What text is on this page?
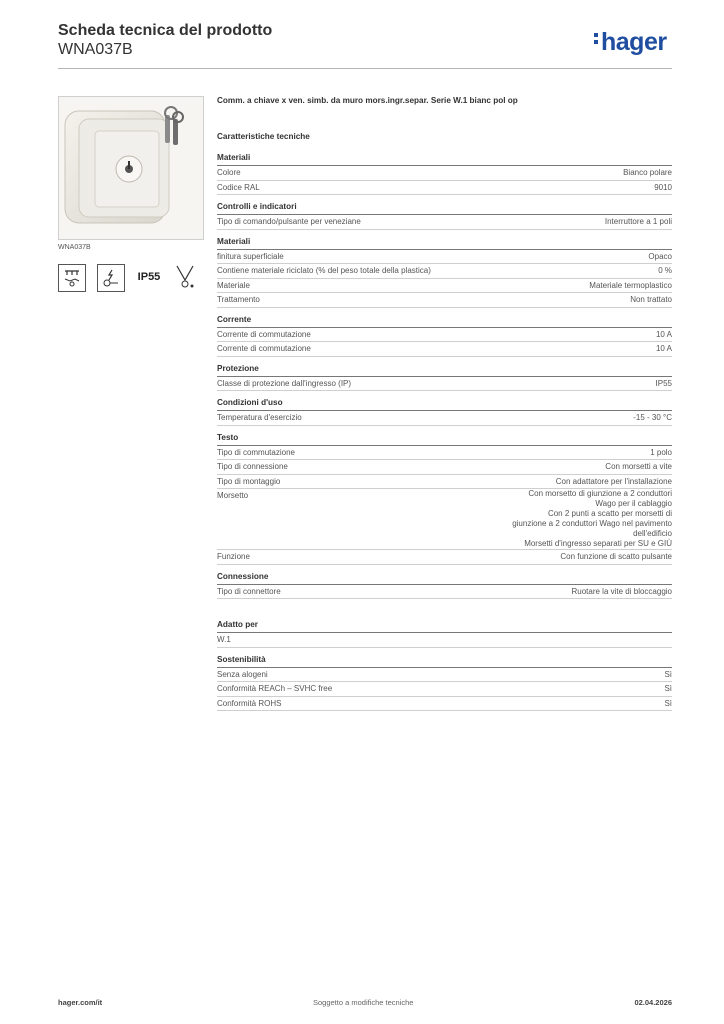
Scheda tecnica del prodotto

WNA037B	hager
WNA037B
IP55

Comm. a chiave x ven. simb. da muro mors.ingr.separ. Serie W.1 bianc pol op

Caratteristiche tecniche
Materiali
Colore	Bianco polare
Codice RAL	9010
Controlli e indicatori
Tipo di comando/pulsante per veneziane	Interruttore a 1 poli
Materiali
finitura superficiale	Opaco
Contiene materiale riciclato (% del peso totale della plastica)	0 %
Materiale	Materiale termoplastico
Trattamento	Non trattato
Corrente
Corrente di commutazione	10 A
Corrente di commutazione	10 A
Protezione
Classe di protezione dall'ingresso (IP)	IP55
Condizioni d'uso
Temperatura d'esercizio	-15 - 30 °C
Testo
Tipo di commutazione	1 polo
Tipo di connessione	Con morsetti a vite
Tipo di montaggio	Con adattatore per l'installazione
Morsetto	Con morsetto di giunzione a 2 conduttori
Wago per il cablaggio
Con 2 punti a scatto per morsetti di
giunzione a 2 conduttori Wago nel pavimento
dell'edificio
Morsetti d'ingresso separati per SU e GIÙ
Funzione	Con funzione di scatto pulsante
Connessione
Tipo di connettore	Ruotare la vite di bloccaggio
Adatto per
W.1
Sostenibilità
Senza alogeni	Sì
Conformità REACh – SVHC free	Sì
Conformità ROHS	Sì
hager.com/it	Soggetto a modifiche tecniche	02.04.2026
